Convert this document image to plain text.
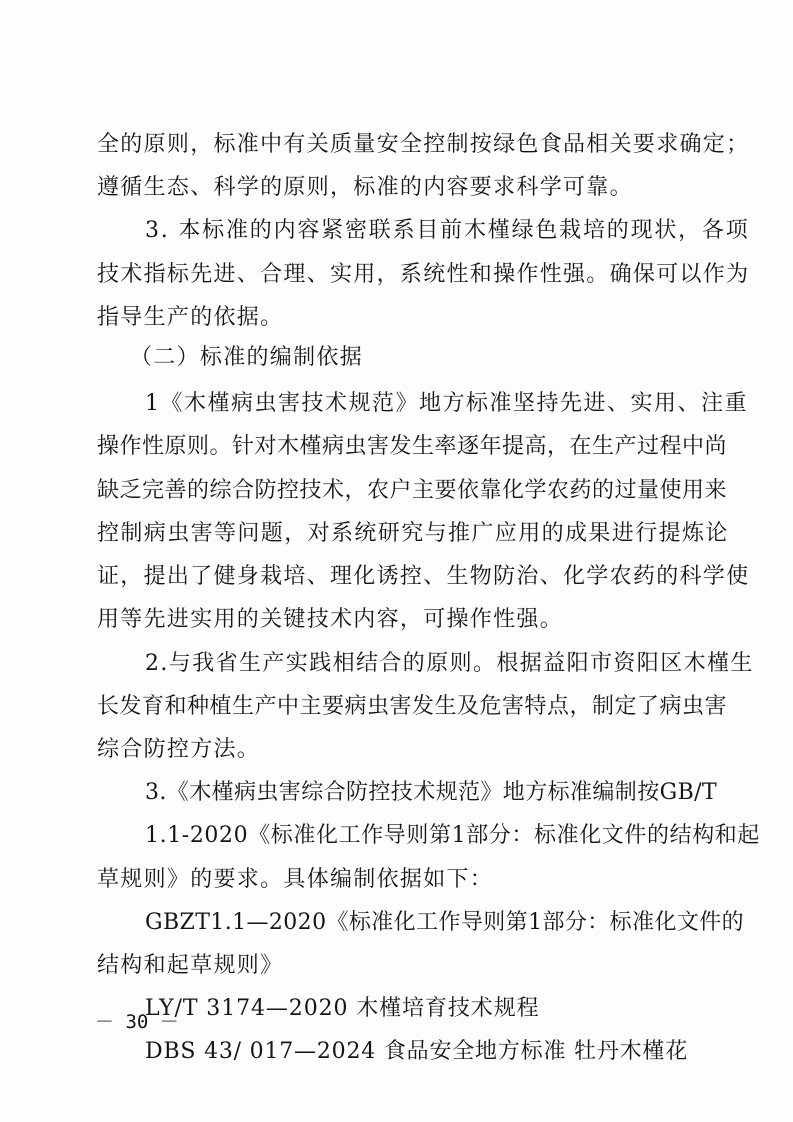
全的原则，标准中有关质量安全控制按绿色食品相关要求确定；
遵循生态、科学的原则，标准的内容要求科学可靠。
3. 本标准的内容紧密联系目前木槿绿色栽培的现状，各项
技术指标先进、合理、实用，系统性和操作性强。确保可以作为
指导生产的依据。
（二）标准的编制依据
1《木槿病虫害技术规范》地方标准坚持先进、实用、注重
操作性原则。针对木槿病虫害发生率逐年提高，在生产过程中尚
缺乏完善的综合防控技术，农户主要依靠化学农药的过量使用来
控制病虫害等问题，对系统研究与推广应用的成果进行提炼论
证，提出了健身栽培、理化诱控、生物防治、化学农药的科学使
用等先进实用的关键技术内容，可操作性强。
2.与我省生产实践相结合的原则。根据益阳市资阳区木槿生
长发育和种植生产中主要病虫害发生及危害特点，制定了病虫害
综合防控方法。
3.《木槿病虫害综合防控技术规范》地方标准编制按GB/T
1.1-2020《标准化工作导则第1部分：标准化文件的结构和起
草规则》的要求。具体编制依据如下：
GBZT1.1—2020《标准化工作导则第1部分：标准化文件的
结构和起草规则》
LY/T 3174—2020 木槿培育技术规程
DBS 43/ 017—2024 食品安全地方标准 牡丹木槿花
－ 30 －
